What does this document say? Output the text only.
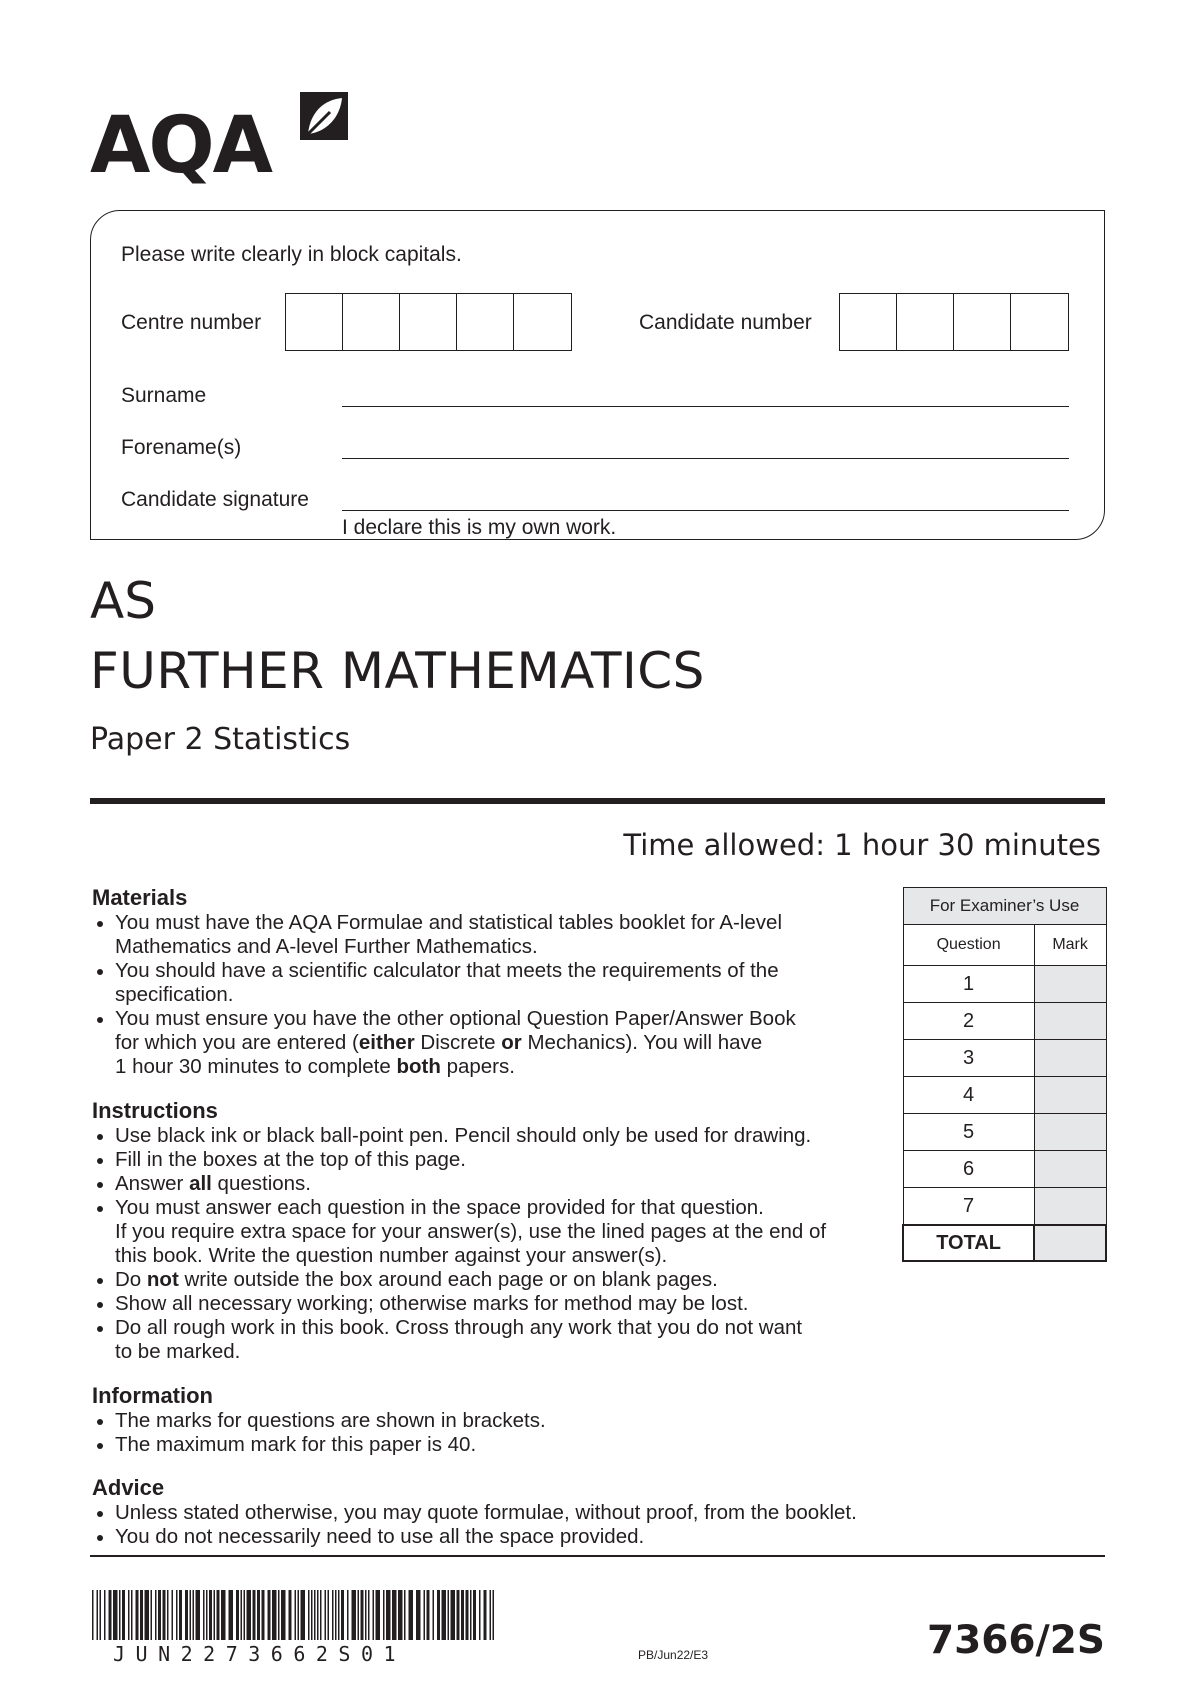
AQA
Please write clearly in block capitals.
Centre number	Candidate number
Surname
Forename(s)
Candidate signature
I declare this is my own work.
AS
FURTHER MATHEMATICS
Paper 2 Statistics
Time allowed: 1 hour 30 minutes

Materials

You must have the AQA Formulae and statistical tables booklet for A-level
Mathematics and A-level Further Mathematics.
You should have a scientific calculator that meets the requirements of the
specification.
You must ensure you have the other optional Question Paper/Answer Book
for which you are entered (either Discrete or Mechanics). You will have
1 hour 30 minutes to complete both papers.

Instructions

Use black ink or black ball-point pen. Pencil should only be used for drawing.
Fill in the boxes at the top of this page.
Answer all questions.
You must answer each question in the space provided for that question.
If you require extra space for your answer(s), use the lined pages at the end of
this book. Write the question number against your answer(s).
Do not write outside the box around each page or on blank pages.
Show all necessary working; otherwise marks for method may be lost.
Do all rough work in this book. Cross through any work that you do not want
to be marked.

Information

The marks for questions are shown in brackets.
The maximum mark for this paper is 40.

Advice

Unless stated otherwise, you may quote formulae, without proof, from the booklet.
You do not necessarily need to use all the space provided.
For Examiner’s Use	
Question	Mark
1	
2	
3	
4	
5	
6	
7	
TOTAL	
JUN2273662S01	PB/Jun22/E3	7366/2S
